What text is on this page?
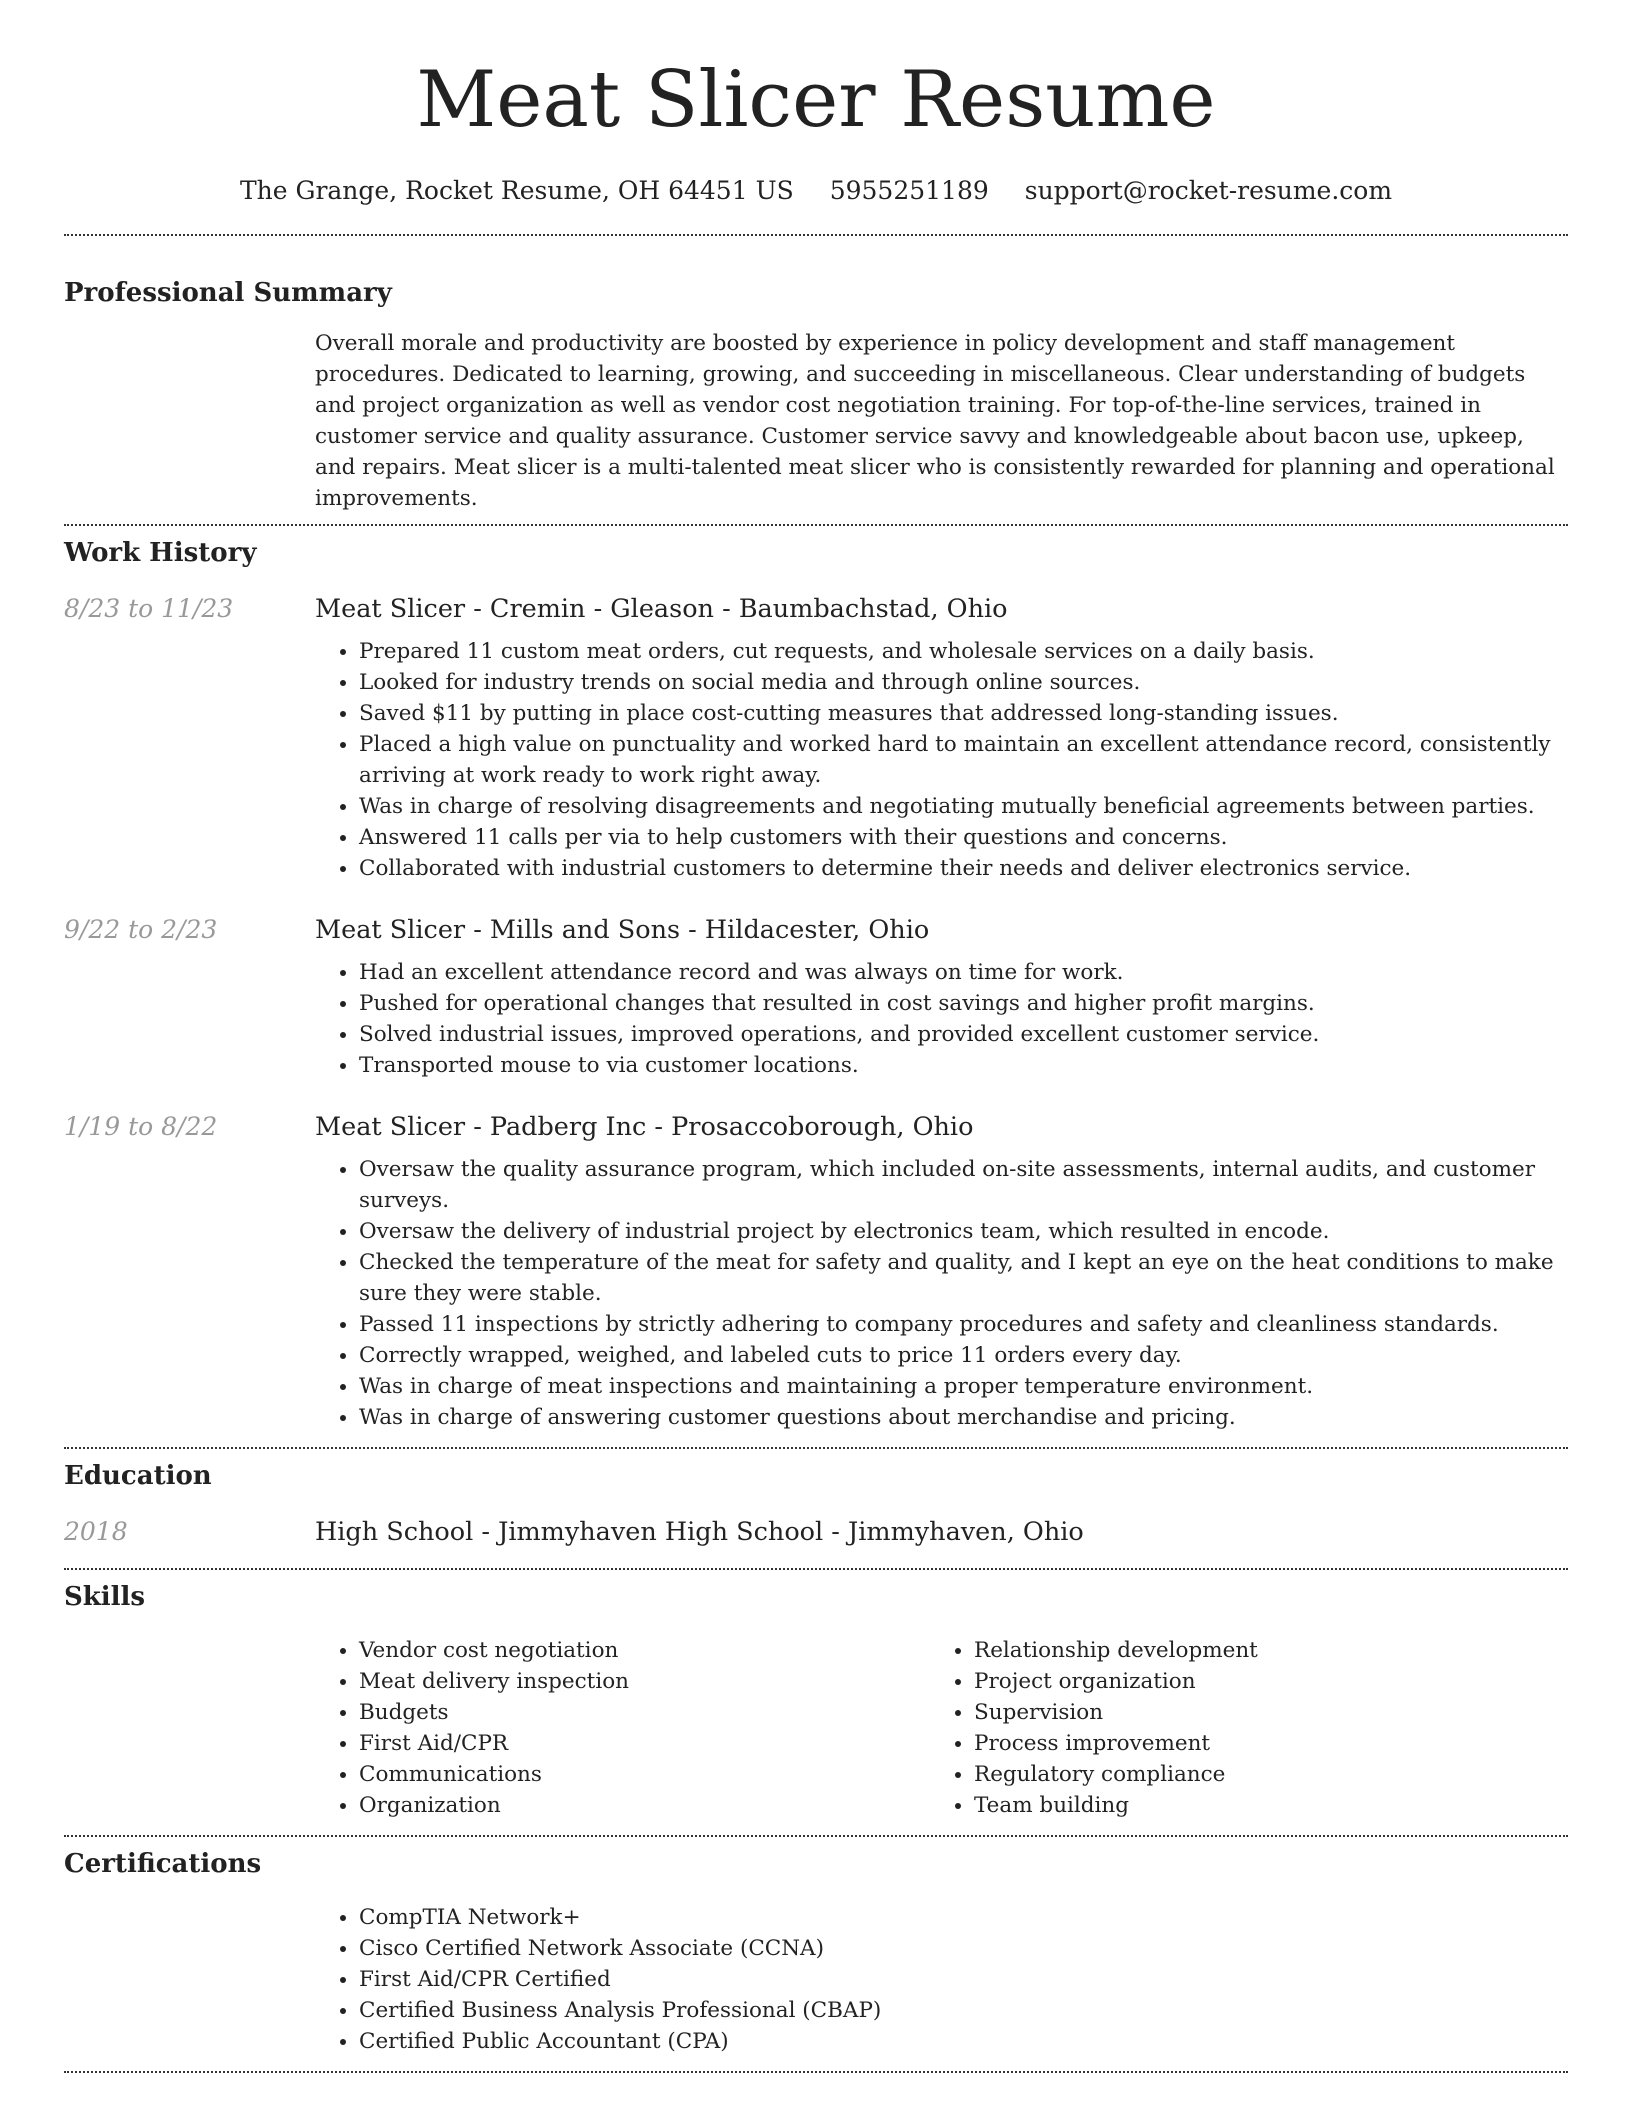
Meat Slicer Resume
The Grange, Rocket Resume, OH 64451 US 5955251189 support@rocket-resume.com
Professional Summary
Overall morale and productivity are boosted by experience in policy development and staff management procedures. Dedicated to learning, growing, and succeeding in miscellaneous. Clear understanding of budgets and project organization as well as vendor cost negotiation training. For top-of-the-line services, trained in customer service and quality assurance. Customer service savvy and knowledgeable about bacon use, upkeep, and repairs. Meat slicer is a multi-talented meat slicer who is consistently rewarded for planning and operational improvements.
Work History
8/23 to 11/23	Meat Slicer - Cremin - Gleason - Baumbachstad, Ohio
• Prepared 11 custom meat orders, cut requests, and wholesale services on a daily basis.
• Looked for industry trends on social media and through online sources.
• Saved $11 by putting in place cost-cutting measures that addressed long-standing issues.
• Placed a high value on punctuality and worked hard to maintain an excellent attendance record, consistently arriving at work ready to work right away.
• Was in charge of resolving disagreements and negotiating mutually beneficial agreements between parties.
• Answered 11 calls per via to help customers with their questions and concerns.
• Collaborated with industrial customers to determine their needs and deliver electronics service.
9/22 to 2/23	Meat Slicer - Mills and Sons - Hildacester, Ohio
• Had an excellent attendance record and was always on time for work.
• Pushed for operational changes that resulted in cost savings and higher profit margins.
• Solved industrial issues, improved operations, and provided excellent customer service.
• Transported mouse to via customer locations.
1/19 to 8/22	Meat Slicer - Padberg Inc - Prosaccoborough, Ohio
• Oversaw the quality assurance program, which included on-site assessments, internal audits, and customer surveys.
• Oversaw the delivery of industrial project by electronics team, which resulted in encode.
• Checked the temperature of the meat for safety and quality, and I kept an eye on the heat conditions to make sure they were stable.
• Passed 11 inspections by strictly adhering to company procedures and safety and cleanliness standards.
• Correctly wrapped, weighed, and labeled cuts to price 11 orders every day.
• Was in charge of meat inspections and maintaining a proper temperature environment.
• Was in charge of answering customer questions about merchandise and pricing.
Education
2018	High School - Jimmyhaven High School - Jimmyhaven, Ohio
Skills
• Vendor cost negotiation
• Meat delivery inspection
• Budgets
• First Aid/CPR
• Communications
• Organization
• Relationship development
• Project organization
• Supervision
• Process improvement
• Regulatory compliance
• Team building
Certifications
• CompTIA Network+
• Cisco Certified Network Associate (CCNA)
• First Aid/CPR Certified
• Certified Business Analysis Professional (CBAP)
• Certified Public Accountant (CPA)
